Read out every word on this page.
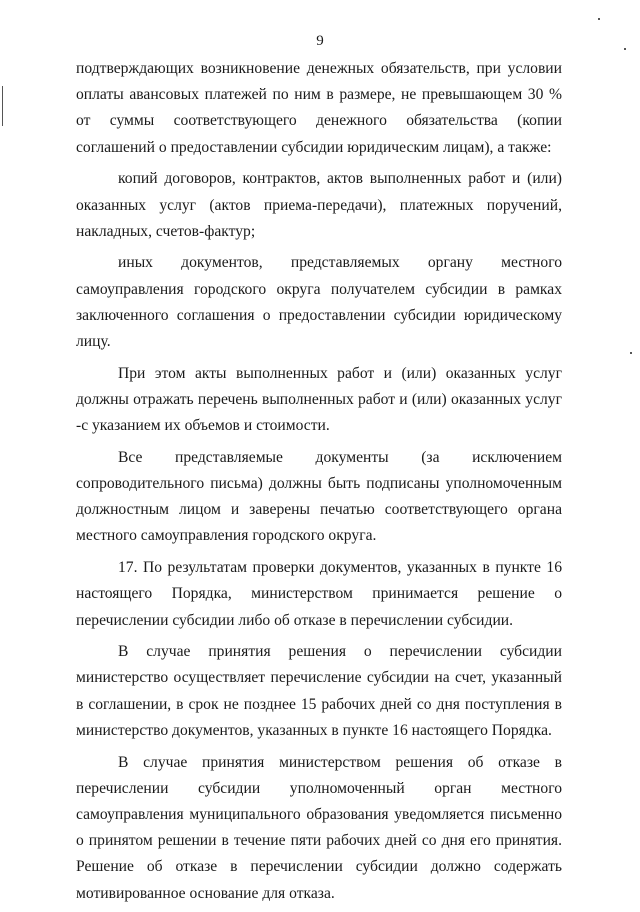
9

подтверждающих возникновение денежных обязательств, при условии оплаты авансовых платежей по ним в размере, не превышающем 30 % от суммы соответствующего денежного обязательства (копии соглашений о предоставлении субсидии юридическим лицам), а также:

копий договоров, контрактов, актов выполненных работ и (или) оказанных услуг (актов приема-передачи), платежных поручений, накладных, счетов-фактур;

иных документов, представляемых органу местного самоуправления городского округа получателем субсидии в рамках заключенного соглашения о предоставлении субсидии юридическому лицу.

При этом акты выполненных работ и (или) оказанных услуг должны отражать перечень выполненных работ и (или) оказанных услуг -с указанием их объемов и стоимости.

Все представляемые документы (за исключением сопроводительного письма) должны быть подписаны уполномоченным должностным лицом и заверены печатью соответствующего органа местного самоуправления городского округа.

17. По результатам проверки документов, указанных в пункте 16 настоящего Порядка, министерством принимается решение о перечислении субсидии либо об отказе в перечислении субсидии.

В случае принятия решения о перечислении субсидии министерство осуществляет перечисление субсидии на счет, указанный в соглашении, в срок не позднее 15 рабочих дней со дня поступления в министерство документов, указанных в пункте 16 настоящего Порядка.

В случае принятия министерством решения об отказе в перечислении субсидии уполномоченный орган местного самоуправления муниципального образования уведомляется письменно о принятом решении в течение пяти рабочих дней со дня его принятия. Решение об отказе в перечислении субсидии должно содержать мотивированное основание для отказа.
